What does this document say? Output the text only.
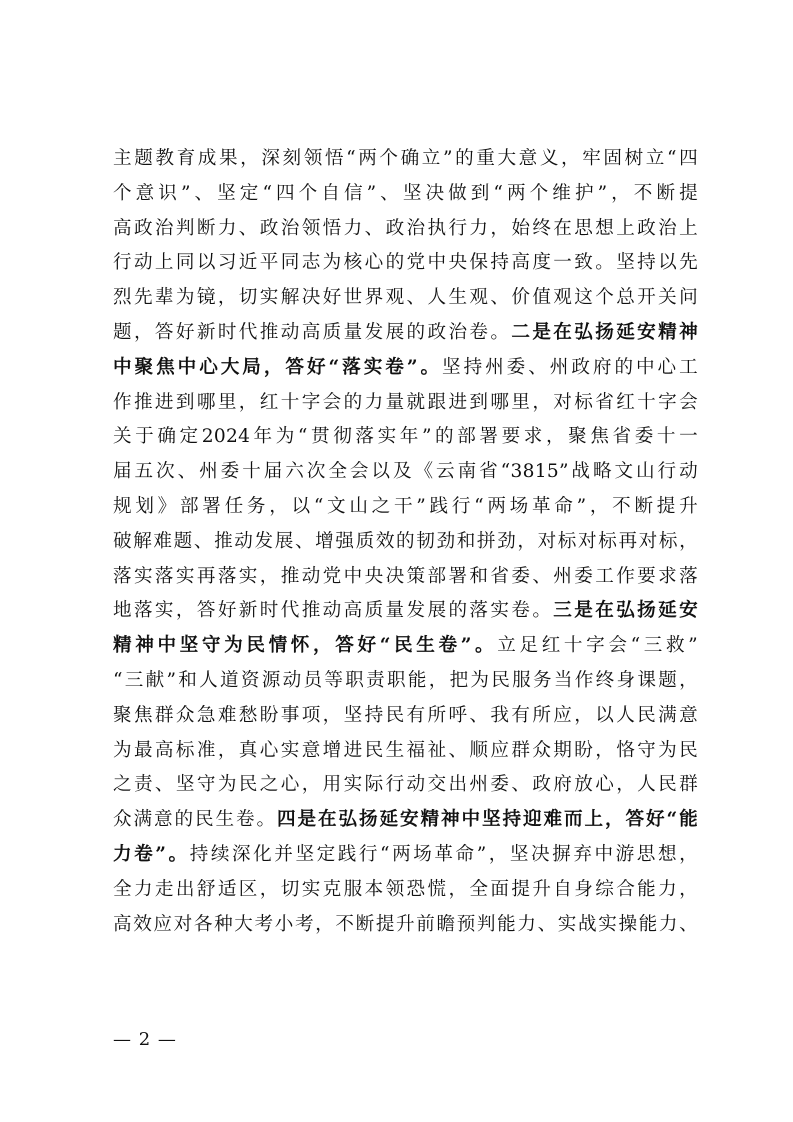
主题教育成果，深刻领悟“两个确立”的重大意义，牢固树立“四
个意识”、坚定“四个自信”、坚决做到“两个维护”，不断提
高政治判断力、政治领悟力、政治执行力，始终在思想上政治上
行动上同以习近平同志为核心的党中央保持高度一致。坚持以先
烈先辈为镜，切实解决好世界观、人生观、价值观这个总开关问
题，答好新时代推动高质量发展的政治卷。二是在弘扬延安精神
中聚焦中心大局，答好“落实卷”。坚持州委、州政府的中心工
作推进到哪里，红十字会的力量就跟进到哪里，对标省红十字会
关于确定2024年为“贯彻落实年”的部署要求，聚焦省委十一
届五次、州委十届六次全会以及《云南省“3815”战略文山行动
规划》部署任务，以“文山之干”践行“两场革命”，不断提升
破解难题、推动发展、增强质效的韧劲和拼劲，对标对标再对标，
落实落实再落实，推动党中央决策部署和省委、州委工作要求落
地落实，答好新时代推动高质量发展的落实卷。三是在弘扬延安
精神中坚守为民情怀，答好“民生卷”。立足红十字会“三救”
“三献”和人道资源动员等职责职能，把为民服务当作终身课题，
聚焦群众急难愁盼事项，坚持民有所呼、我有所应，以人民满意
为最高标准，真心实意增进民生福祉、顺应群众期盼，恪守为民
之责、坚守为民之心，用实际行动交出州委、政府放心，人民群
众满意的民生卷。四是在弘扬延安精神中坚持迎难而上，答好“能
力卷”。持续深化并坚定践行“两场革命”，坚决摒弃中游思想，
全力走出舒适区，切实克服本领恐慌，全面提升自身综合能力，
高效应对各种大考小考，不断提升前瞻预判能力、实战实操能力、
— 2 —
